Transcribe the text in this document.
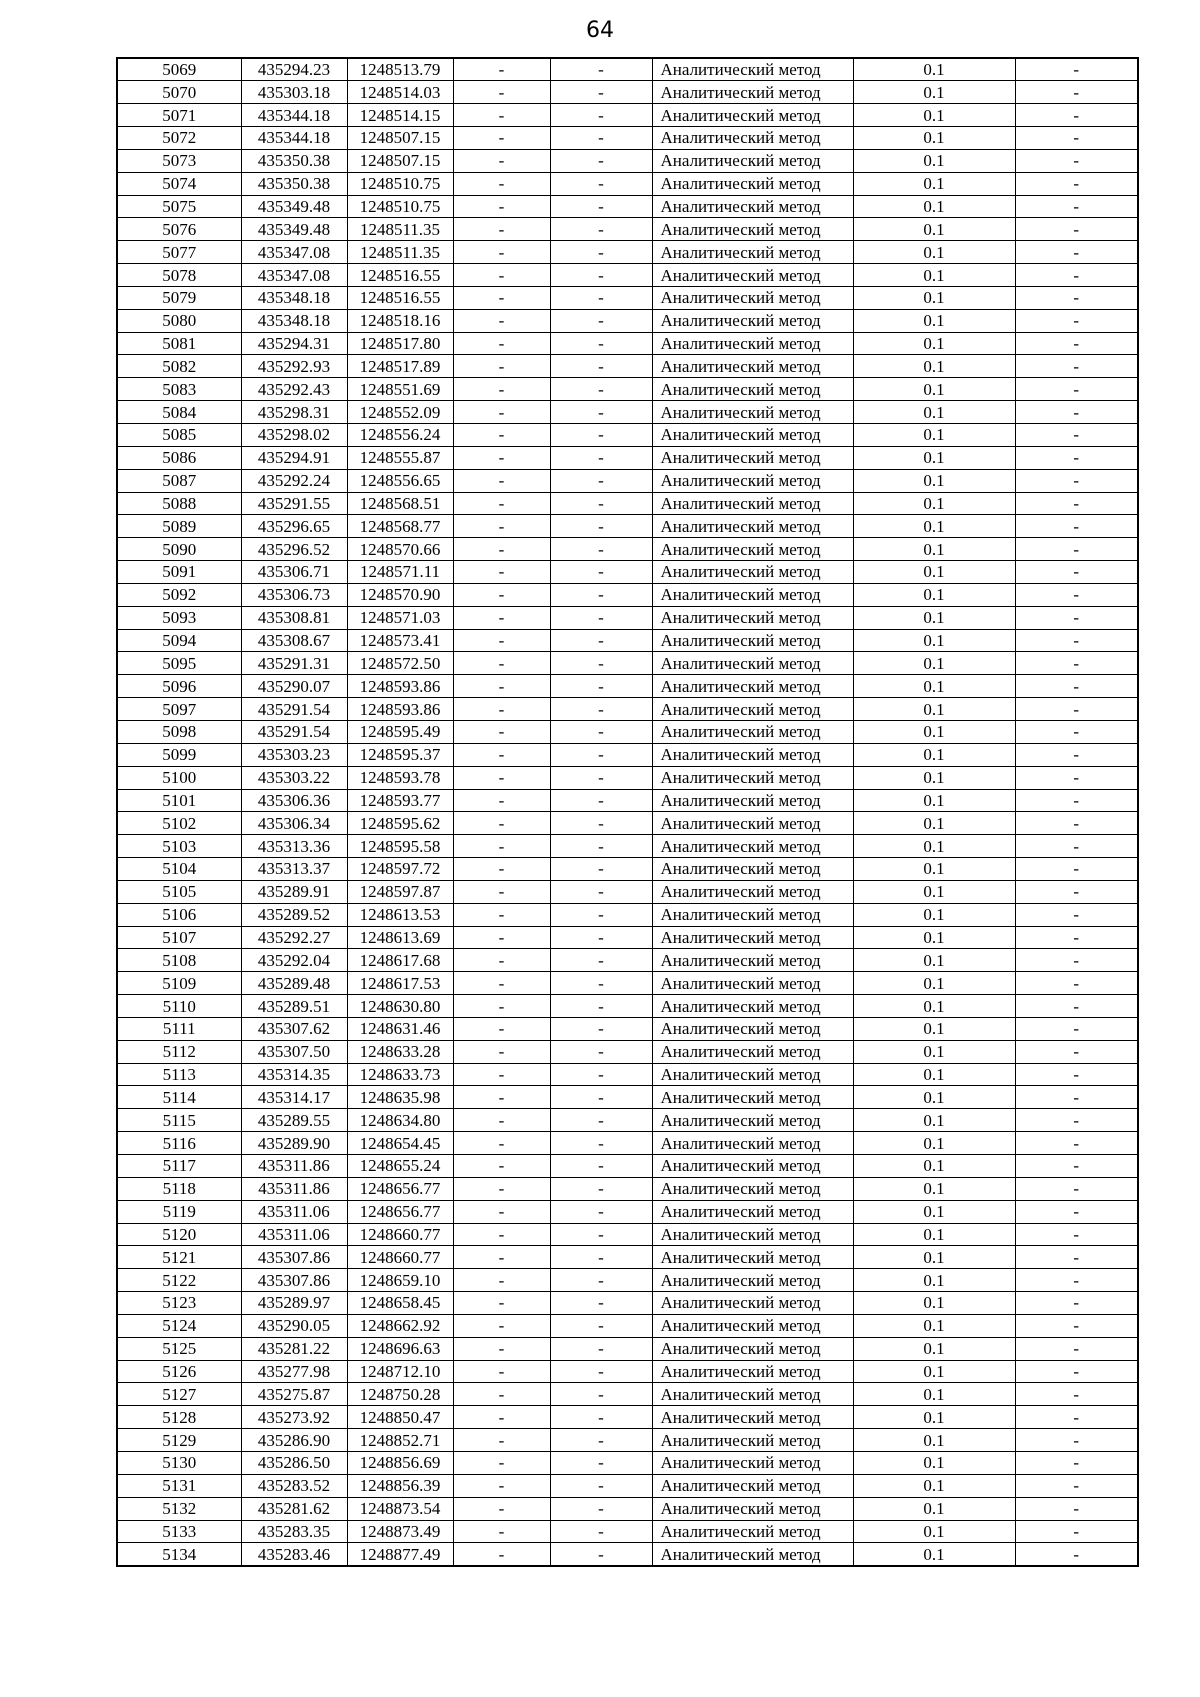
64
5069	435294.23	1248513.79	-	-	Аналитический метод	0.1	-
5070	435303.18	1248514.03	-	-	Аналитический метод	0.1	-
5071	435344.18	1248514.15	-	-	Аналитический метод	0.1	-
5072	435344.18	1248507.15	-	-	Аналитический метод	0.1	-
5073	435350.38	1248507.15	-	-	Аналитический метод	0.1	-
5074	435350.38	1248510.75	-	-	Аналитический метод	0.1	-
5075	435349.48	1248510.75	-	-	Аналитический метод	0.1	-
5076	435349.48	1248511.35	-	-	Аналитический метод	0.1	-
5077	435347.08	1248511.35	-	-	Аналитический метод	0.1	-
5078	435347.08	1248516.55	-	-	Аналитический метод	0.1	-
5079	435348.18	1248516.55	-	-	Аналитический метод	0.1	-
5080	435348.18	1248518.16	-	-	Аналитический метод	0.1	-
5081	435294.31	1248517.80	-	-	Аналитический метод	0.1	-
5082	435292.93	1248517.89	-	-	Аналитический метод	0.1	-
5083	435292.43	1248551.69	-	-	Аналитический метод	0.1	-
5084	435298.31	1248552.09	-	-	Аналитический метод	0.1	-
5085	435298.02	1248556.24	-	-	Аналитический метод	0.1	-
5086	435294.91	1248555.87	-	-	Аналитический метод	0.1	-
5087	435292.24	1248556.65	-	-	Аналитический метод	0.1	-
5088	435291.55	1248568.51	-	-	Аналитический метод	0.1	-
5089	435296.65	1248568.77	-	-	Аналитический метод	0.1	-
5090	435296.52	1248570.66	-	-	Аналитический метод	0.1	-
5091	435306.71	1248571.11	-	-	Аналитический метод	0.1	-
5092	435306.73	1248570.90	-	-	Аналитический метод	0.1	-
5093	435308.81	1248571.03	-	-	Аналитический метод	0.1	-
5094	435308.67	1248573.41	-	-	Аналитический метод	0.1	-
5095	435291.31	1248572.50	-	-	Аналитический метод	0.1	-
5096	435290.07	1248593.86	-	-	Аналитический метод	0.1	-
5097	435291.54	1248593.86	-	-	Аналитический метод	0.1	-
5098	435291.54	1248595.49	-	-	Аналитический метод	0.1	-
5099	435303.23	1248595.37	-	-	Аналитический метод	0.1	-
5100	435303.22	1248593.78	-	-	Аналитический метод	0.1	-
5101	435306.36	1248593.77	-	-	Аналитический метод	0.1	-
5102	435306.34	1248595.62	-	-	Аналитический метод	0.1	-
5103	435313.36	1248595.58	-	-	Аналитический метод	0.1	-
5104	435313.37	1248597.72	-	-	Аналитический метод	0.1	-
5105	435289.91	1248597.87	-	-	Аналитический метод	0.1	-
5106	435289.52	1248613.53	-	-	Аналитический метод	0.1	-
5107	435292.27	1248613.69	-	-	Аналитический метод	0.1	-
5108	435292.04	1248617.68	-	-	Аналитический метод	0.1	-
5109	435289.48	1248617.53	-	-	Аналитический метод	0.1	-
5110	435289.51	1248630.80	-	-	Аналитический метод	0.1	-
5111	435307.62	1248631.46	-	-	Аналитический метод	0.1	-
5112	435307.50	1248633.28	-	-	Аналитический метод	0.1	-
5113	435314.35	1248633.73	-	-	Аналитический метод	0.1	-
5114	435314.17	1248635.98	-	-	Аналитический метод	0.1	-
5115	435289.55	1248634.80	-	-	Аналитический метод	0.1	-
5116	435289.90	1248654.45	-	-	Аналитический метод	0.1	-
5117	435311.86	1248655.24	-	-	Аналитический метод	0.1	-
5118	435311.86	1248656.77	-	-	Аналитический метод	0.1	-
5119	435311.06	1248656.77	-	-	Аналитический метод	0.1	-
5120	435311.06	1248660.77	-	-	Аналитический метод	0.1	-
5121	435307.86	1248660.77	-	-	Аналитический метод	0.1	-
5122	435307.86	1248659.10	-	-	Аналитический метод	0.1	-
5123	435289.97	1248658.45	-	-	Аналитический метод	0.1	-
5124	435290.05	1248662.92	-	-	Аналитический метод	0.1	-
5125	435281.22	1248696.63	-	-	Аналитический метод	0.1	-
5126	435277.98	1248712.10	-	-	Аналитический метод	0.1	-
5127	435275.87	1248750.28	-	-	Аналитический метод	0.1	-
5128	435273.92	1248850.47	-	-	Аналитический метод	0.1	-
5129	435286.90	1248852.71	-	-	Аналитический метод	0.1	-
5130	435286.50	1248856.69	-	-	Аналитический метод	0.1	-
5131	435283.52	1248856.39	-	-	Аналитический метод	0.1	-
5132	435281.62	1248873.54	-	-	Аналитический метод	0.1	-
5133	435283.35	1248873.49	-	-	Аналитический метод	0.1	-
5134	435283.46	1248877.49	-	-	Аналитический метод	0.1	-
